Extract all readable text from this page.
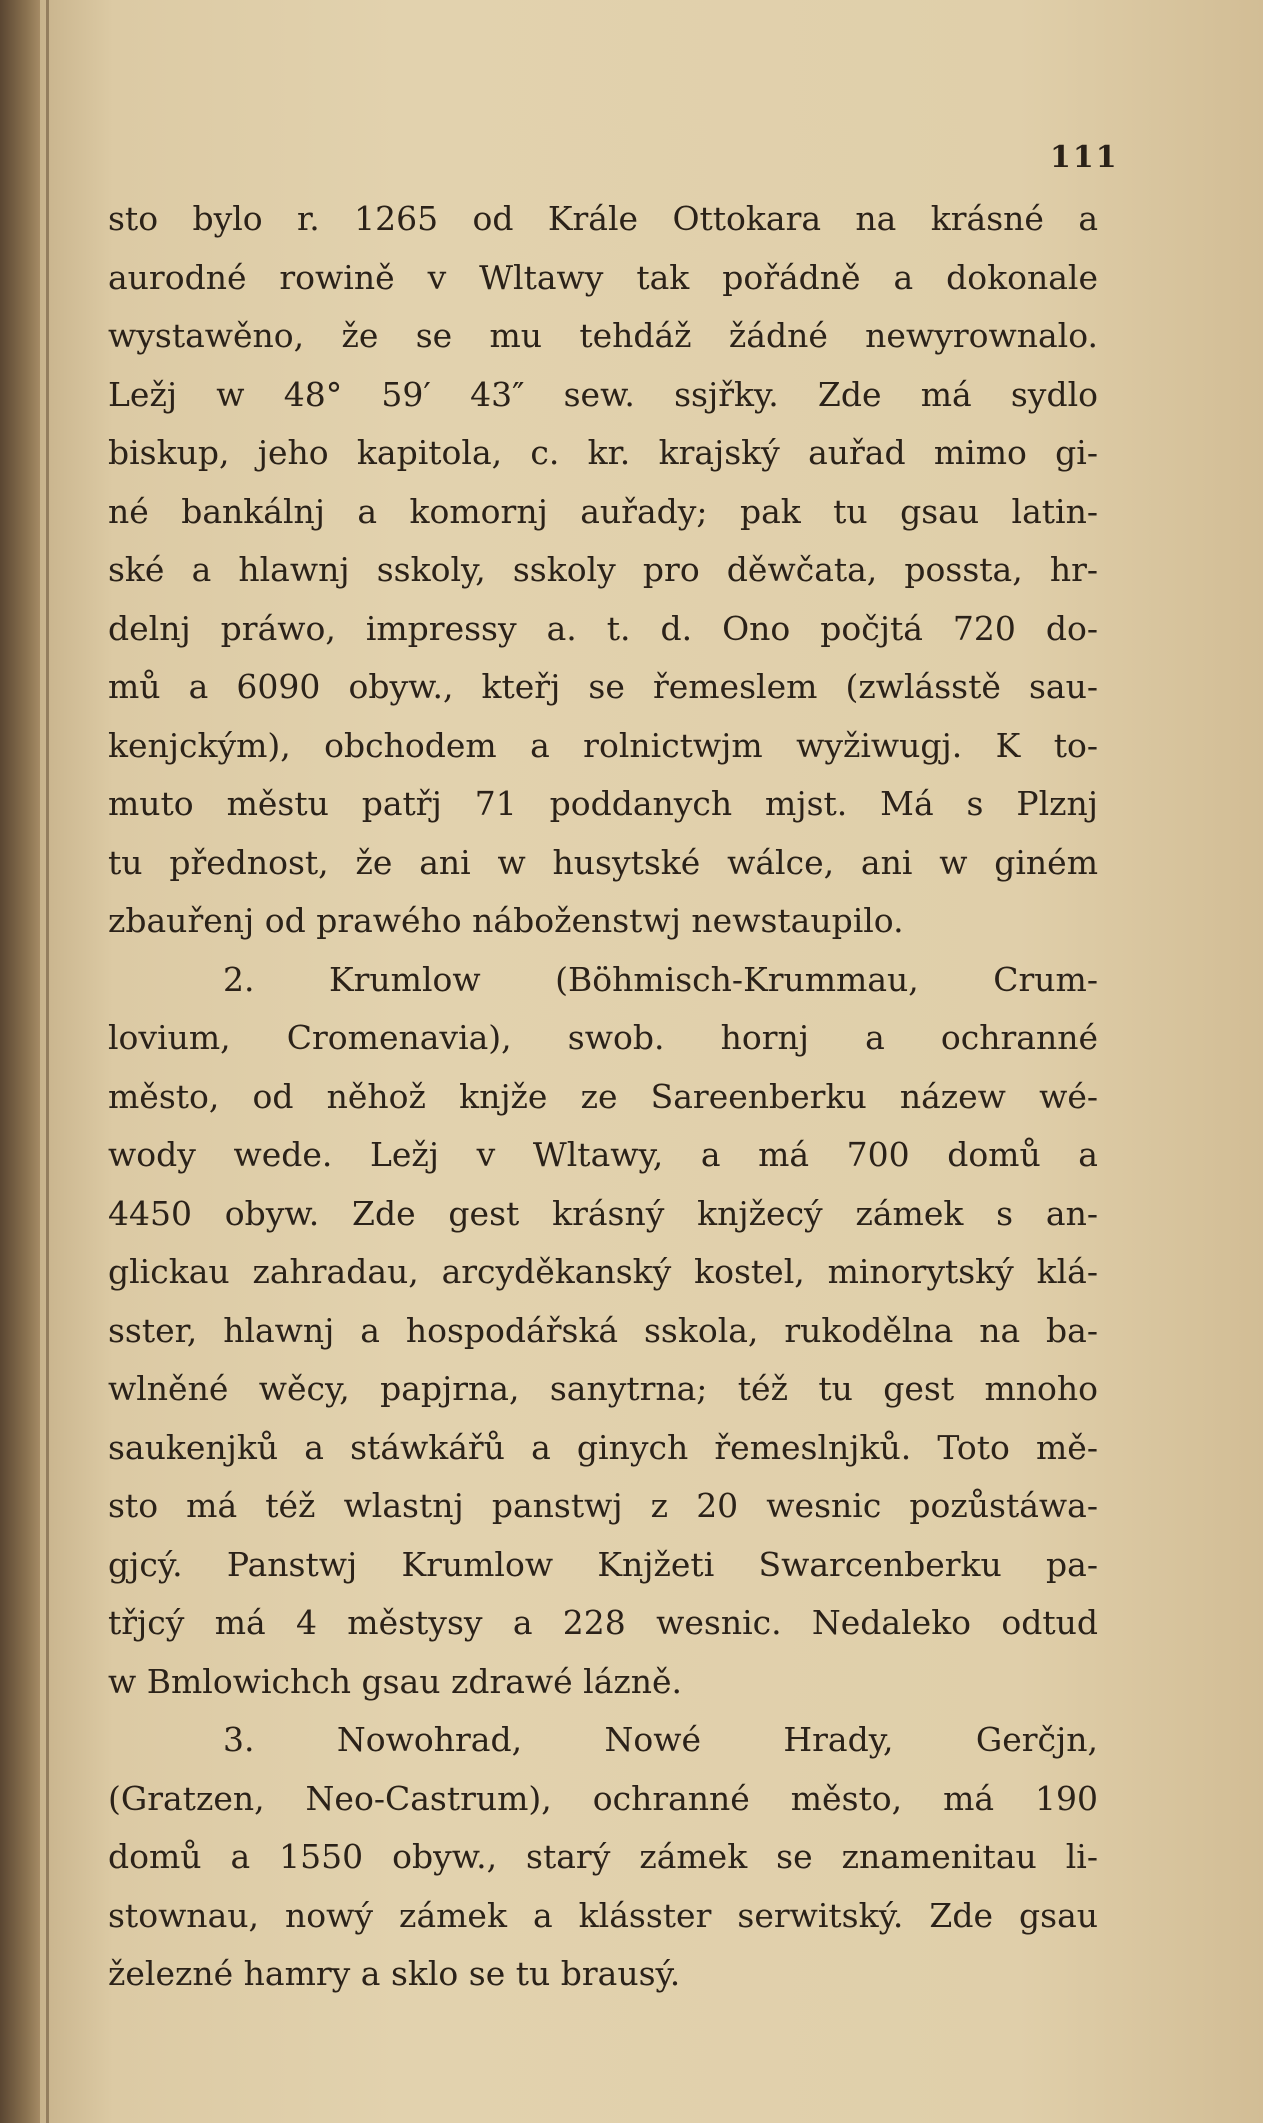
111
sto bylo r. 1265 od Krále Ottokara na krásné a
aurodné rowině v Wltawy tak pořádně a dokonale
wystawěno, že se mu tehdáž žádné newyrownalo.
Ležj w 48° 59′ 43″ sew. ssjřky. Zde má sydlo
biskup, jeho kapitola, c. kr. krajský auřad mimo gi-
né bankálnj a komornj auřady; pak tu gsau latin-
ské a hlawnj sskoly, sskoly pro děwčata, possta, hr-
delnj práwo, impressy a. t. d. Ono počjtá 720 do-
mů a 6090 obyw., kteřj se řemeslem (zwlásstě sau-
kenjckým), obchodem a rolnictwjm wyžiwugj. K to-
muto městu patřj 71 poddanych mjst. Má s Plznj
tu přednost, že ani w husytské wálce, ani w giném
zbauřenj od prawého náboženstwj newstaupilo.
2. Krumlow (Böhmisch-Krummau, Crum-
lovium, Cromenavia), swob. hornj a ochranné
město, od něhož knjže ze Sareenberku názew wé-
wody wede. Ležj v Wltawy, a má 700 domů a
4450 obyw. Zde gest krásný knjžecý zámek s an-
glickau zahradau, arcyděkanský kostel, minorytský klá-
sster, hlawnj a hospodářská sskola, rukodělna na ba-
wlněné wěcy, papjrna, sanytrna; též tu gest mnoho
saukenjků a stáwkářů a ginych řemeslnjků. Toto mě-
sto má též wlastnj panstwj z 20 wesnic pozůstáwa-
gjcý. Panstwj Krumlow Knjžeti Swarcenberku pa-
třjcý má 4 městysy a 228 wesnic. Nedaleko odtud
w Bmlowichch gsau zdrawé lázně.
3. Nowohrad, Nowé Hrady, Gerčjn,
(Gratzen, Neo-Castrum), ochranné město, má 190
domů a 1550 obyw., starý zámek se znamenitau li-
stownau, nowý zámek a klásster serwitský. Zde gsau
železné hamry a sklo se tu brausý.
